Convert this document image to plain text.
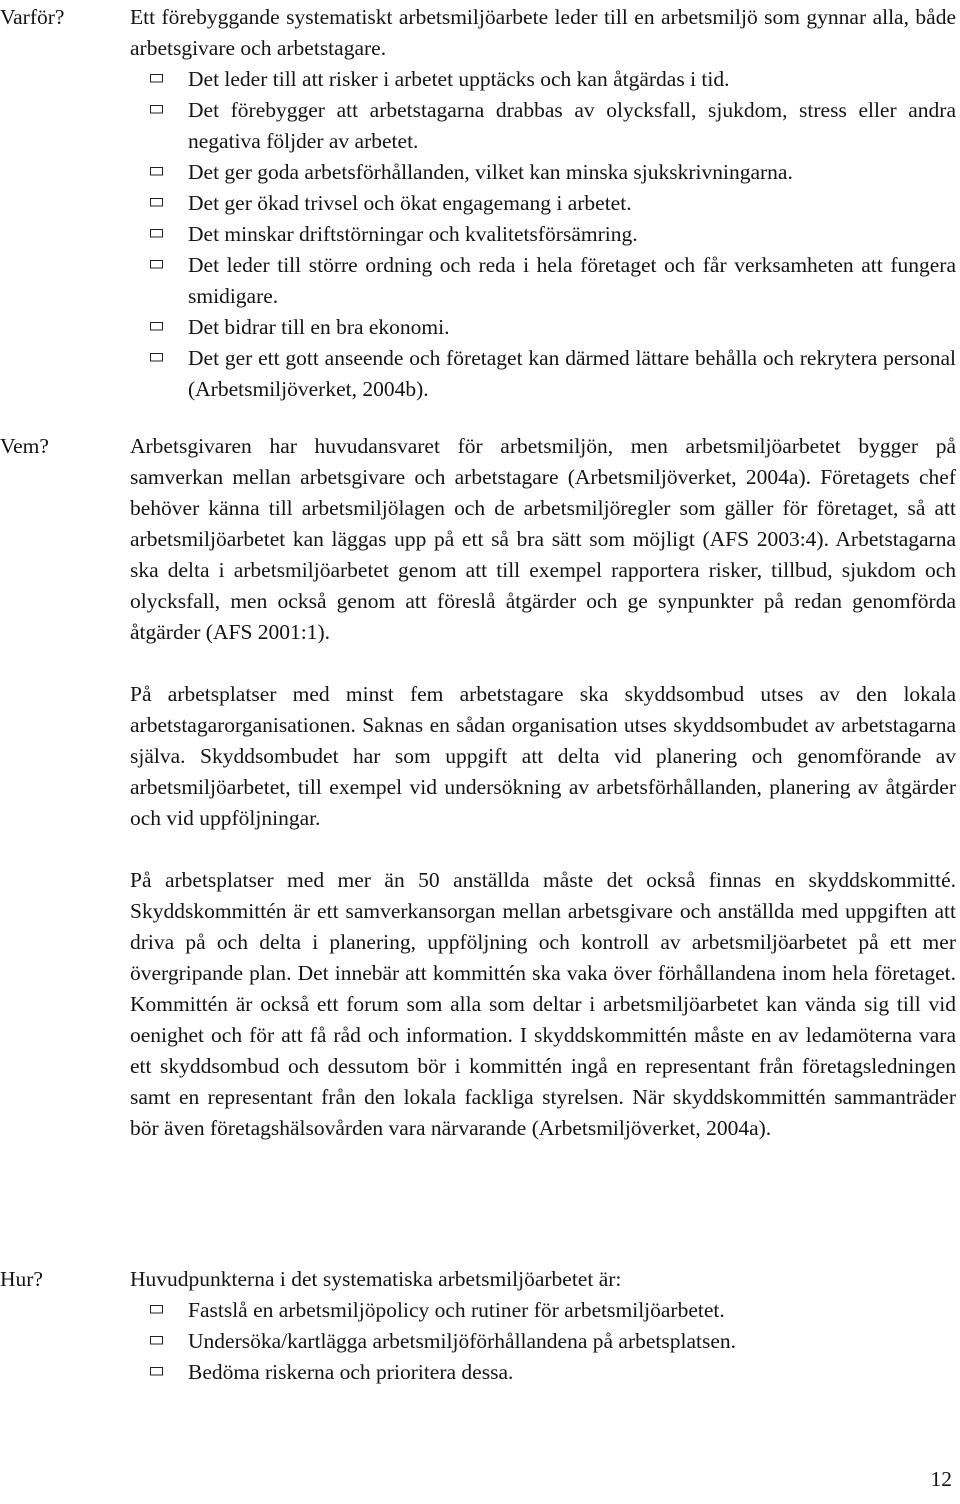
Varför?	Ett förebyggande systematiskt arbetsmiljöarbete leder till en arbetsmiljö som gynnar alla, både arbetsgivare och arbetstagare.

Det leder till att risker i arbetet upptäcks och kan åtgärdas i tid.
Det förebygger att arbetstagarna drabbas av olycksfall, sjukdom, stress eller andra negativa följder av arbetet.
Det ger goda arbetsförhållanden, vilket kan minska sjukskrivningarna.
Det ger ökad trivsel och ökat engagemang i arbetet.
Det minskar driftstörningar och kvalitetsförsämring.
Det leder till större ordning och reda i hela företaget och får verksamheten att fungera smidigare.
Det bidrar till en bra ekonomi.
Det ger ett gott anseende och företaget kan därmed lättare behålla och rekrytera personal (Arbetsmiljöverket, 2004b).
Vem?	Arbetsgivaren har huvudansvaret för arbetsmiljön, men arbetsmiljöarbetet bygger på samverkan mellan arbetsgivare och arbetstagare (Arbetsmiljöverket, 2004a). Företagets chef behöver känna till arbetsmiljölagen och de arbetsmiljöregler som gäller för företaget, så att arbetsmiljöarbetet kan läggas upp på ett så bra sätt som möjligt (AFS 2003:4). Arbetstagarna ska delta i arbetsmiljöarbetet genom att till exempel rapportera risker, tillbud, sjukdom och olycksfall, men också genom att föreslå åtgärder och ge synpunkter på redan genomförda åtgärder (AFS 2001:1).

På arbetsplatser med minst fem arbetstagare ska skyddsombud utses av den lokala arbetstagarorganisationen. Saknas en sådan organisation utses skyddsombudet av arbetstagarna själva. Skyddsombudet har som uppgift att delta vid planering och genomförande av arbetsmiljöarbetet, till exempel vid undersökning av arbetsförhållanden, planering av åtgärder och vid uppföljningar.

På arbetsplatser med mer än 50 anställda måste det också finnas en skyddskommitté. Skyddskommittén är ett samverkansorgan mellan arbetsgivare och anställda med uppgiften att driva på och delta i planering, uppföljning och kontroll av arbetsmiljöarbetet på ett mer övergripande plan. Det innebär att kommittén ska vaka över förhållandena inom hela företaget. Kommittén är också ett forum som alla som deltar i arbetsmiljöarbetet kan vända sig till vid oenighet och för att få råd och information. I skyddskommittén måste en av ledamöterna vara ett skyddsombud och dessutom bör i kommittén ingå en representant från företagsledningen samt en representant från den lokala fackliga styrelsen. När skyddskommittén sammanträder bör även företagshälsovården vara närvarande (Arbetsmiljöverket, 2004a).

Hur?	Huvudpunkterna i det systematiska arbetsmiljöarbetet är:

Fastslå en arbetsmiljöpolicy och rutiner för arbetsmiljöarbetet.
Undersöka/kartlägga arbetsmiljöförhållandena på arbetsplatsen.
Bedöma riskerna och prioritera dessa.
12
